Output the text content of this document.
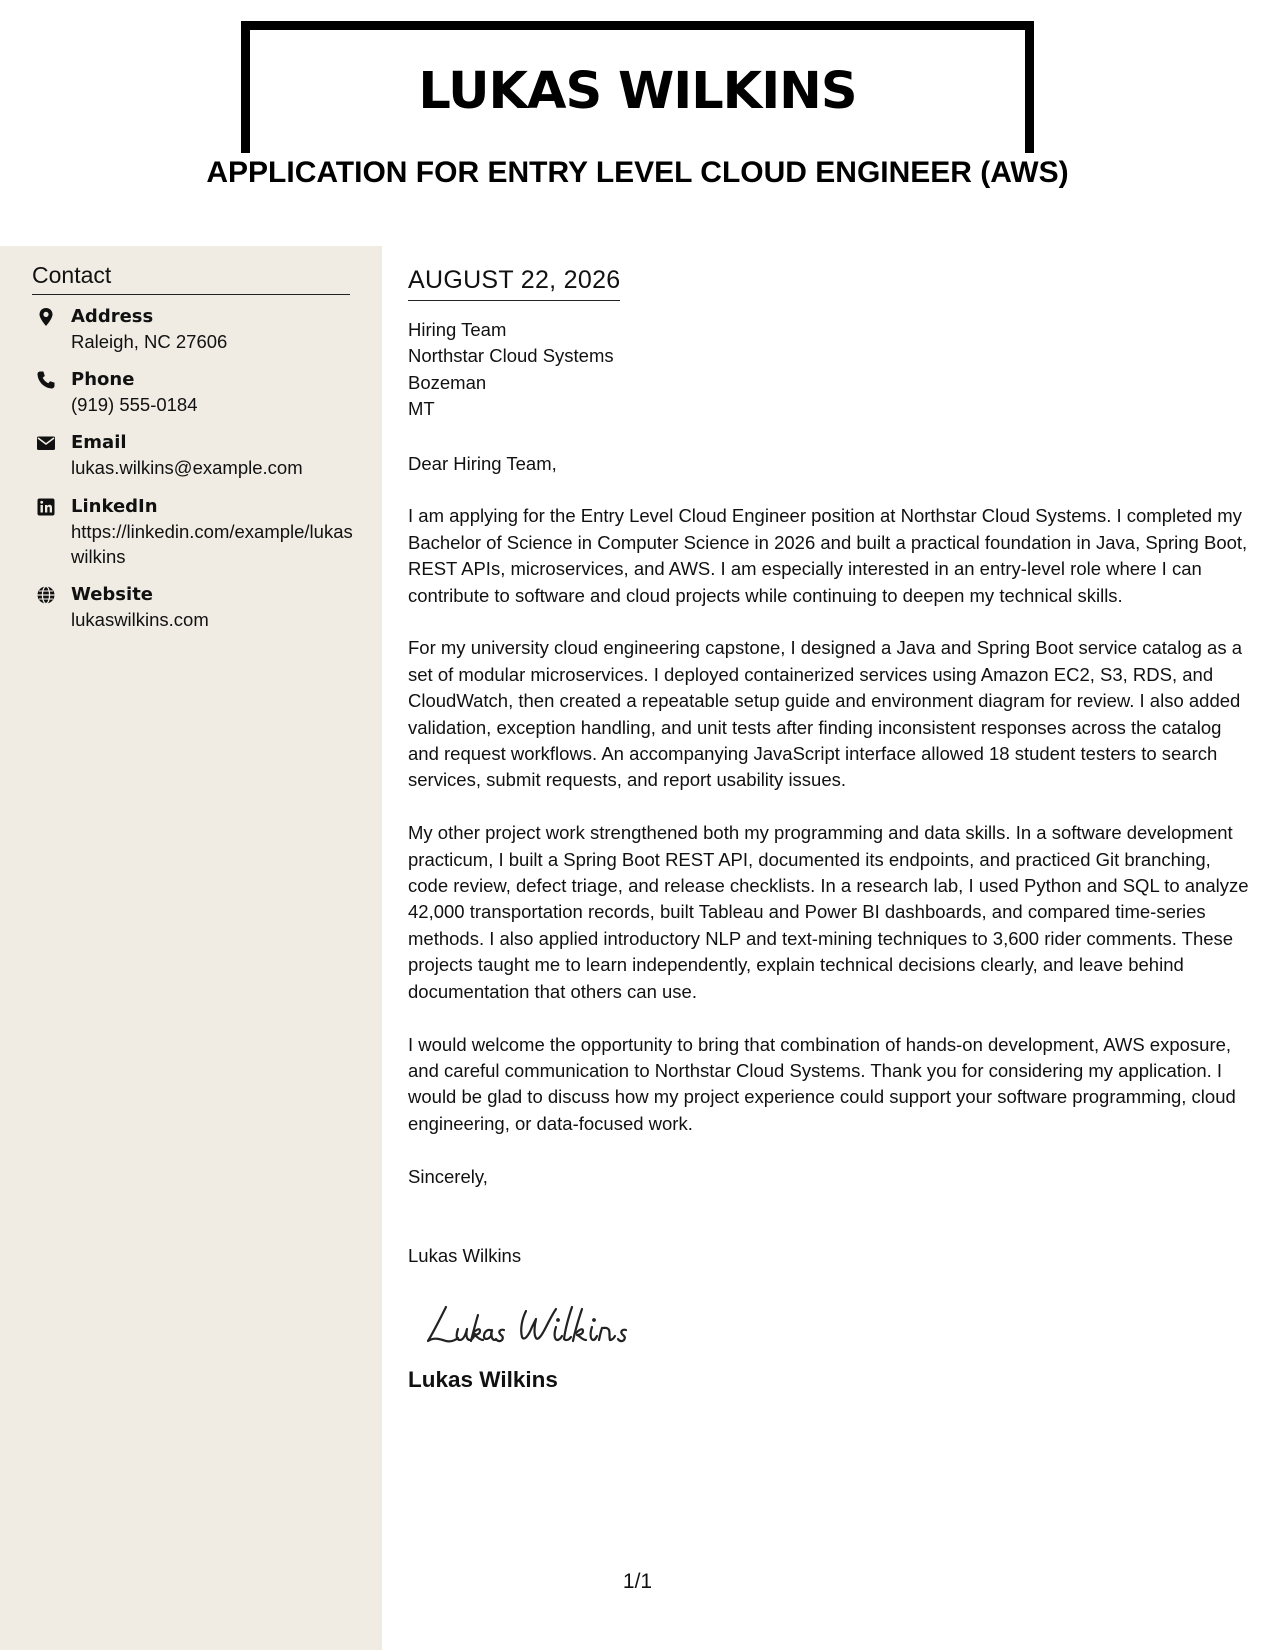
LUKAS WILKINS
APPLICATION FOR ENTRY LEVEL CLOUD ENGINEER (AWS)
Contact
Address
Raleigh, NC 27606
Phone
(919) 555-0184
Email
lukas.wilkins@example.com
LinkedIn
https://linkedin.com/example/lukaswilkins
Website
lukaswilkins.com
AUGUST 22, 2026
Hiring Team
Northstar Cloud Systems
Bozeman
MT

Dear Hiring Team,

I am applying for the Entry Level Cloud Engineer position at Northstar Cloud Systems. I completed my Bachelor of Science in Computer Science in 2026 and built a practical foundation in Java, Spring Boot, REST APIs, microservices, and AWS. I am especially interested in an entry-level role where I can contribute to software and cloud projects while continuing to deepen my technical skills.

For my university cloud engineering capstone, I designed a Java and Spring Boot service catalog as a set of modular microservices. I deployed containerized services using Amazon EC2, S3, RDS, and CloudWatch, then created a repeatable setup guide and environment diagram for review. I also added validation, exception handling, and unit tests after finding inconsistent responses across the catalog and request workflows. An accompanying JavaScript interface allowed 18 student testers to search services, submit requests, and report usability issues.

My other project work strengthened both my programming and data skills. In a software development practicum, I built a Spring Boot REST API, documented its endpoints, and practiced Git branching, code review, defect triage, and release checklists. In a research lab, I used Python and SQL to analyze 42,000 transportation records, built Tableau and Power BI dashboards, and compared time-series methods. I also applied introductory NLP and text-mining techniques to 3,600 rider comments. These projects taught me to learn independently, explain technical decisions clearly, and leave behind documentation that others can use.

I would welcome the opportunity to bring that combination of hands-on development, AWS exposure, and careful communication to Northstar Cloud Systems. Thank you for considering my application. I would be glad to discuss how my project experience could support your software programming, cloud engineering, or data-focused work.

Sincerely,

Lukas Wilkins

Lukas Wilkins
1/1
